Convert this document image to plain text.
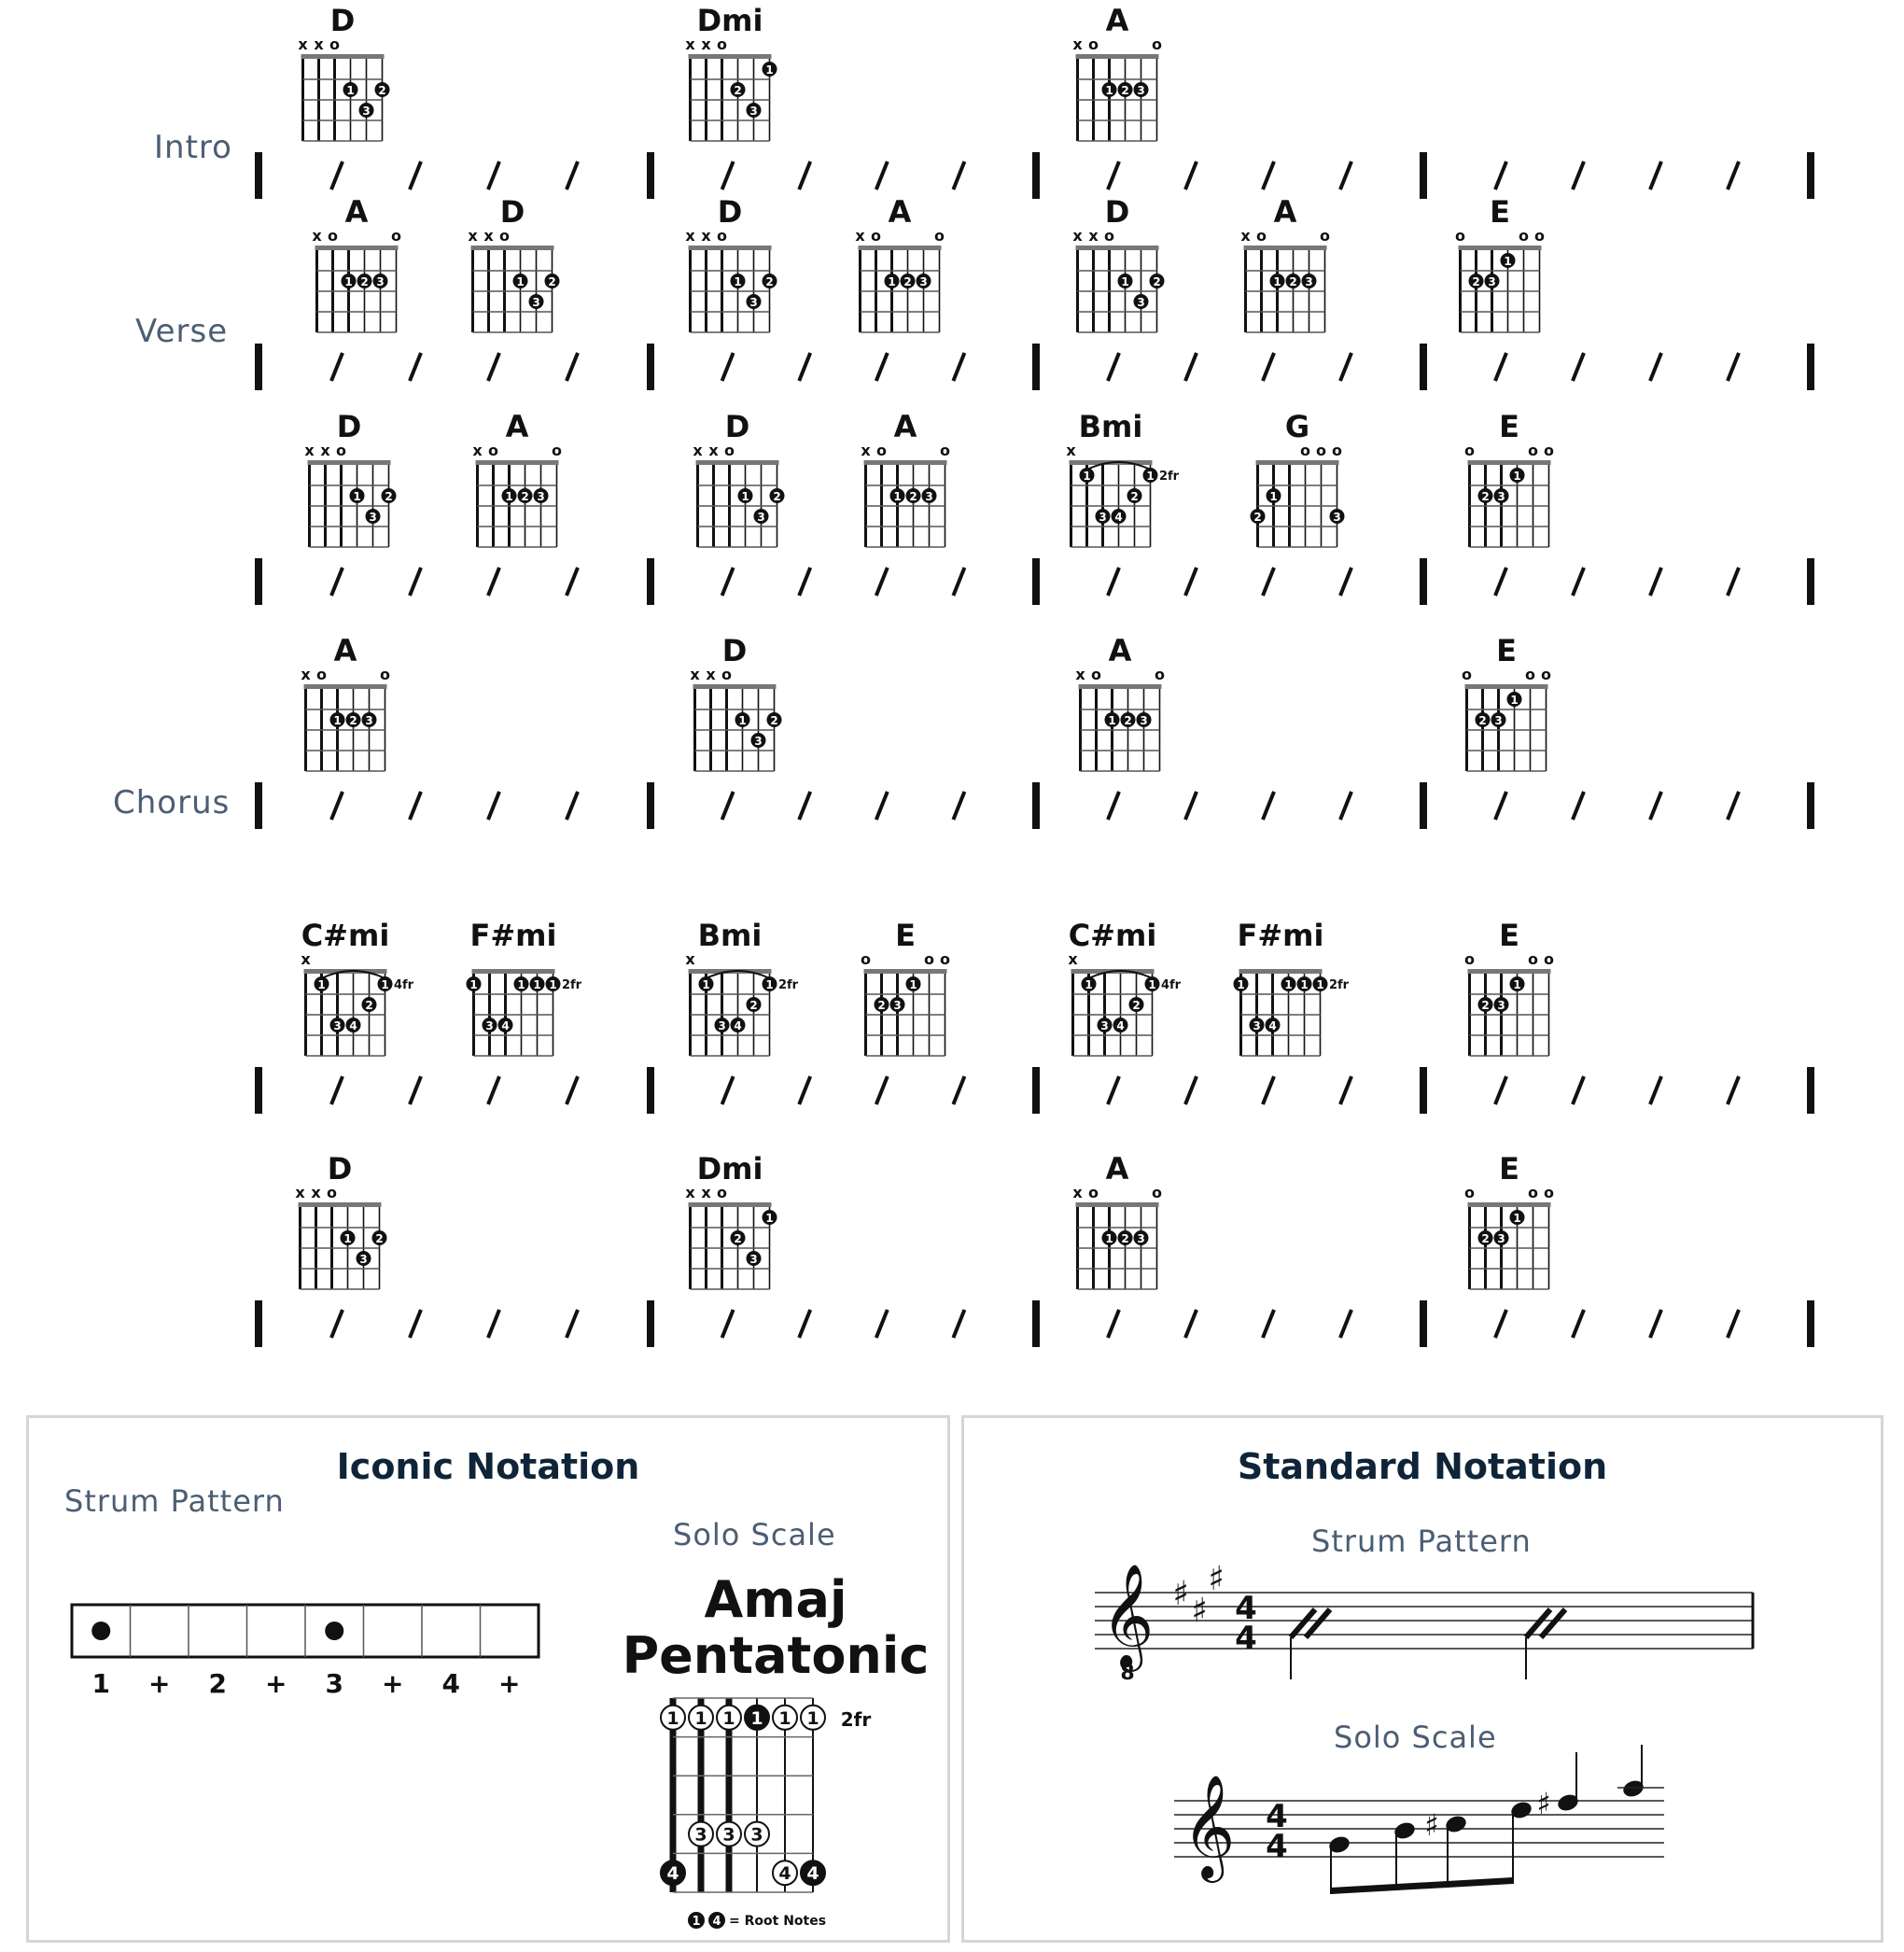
D
x x o
1
3
2
Dmi
x x o
2
3
1
A
x o	o
1 2 3
A
x o	o
1 2 3
D
x x o
1
3
2
D
x x o
1
3
2
A
x o	o
1 2 3
D
x x o
1
3
2
A
x o	o
1 2 3
E
o	o o
2 3
1
D
x x o
1
3
2
A
x o	o
1 2 3
D
x x o
1
3
2
A
x o	o
1 2 3
Bmi
x
1
3 4
2
1 2fr
G
o o o
2
1
3
E
o	o o
2 3
1
A
x o	o
1 2 3
D
x x o
1
3
2
A
x o	o
1 2 3
E
o	o o
2 3
1
C#mi
x
1
3 4
2
1 4fr
F#mi
1
3 4
1 1 1 2fr
Bmi
x
1
3 4
2
1 2fr
E
o	o o
2 3
1
C#mi
x
1
3 4
2
1 4fr
F#mi
1
3 4
1 1 1 2fr
E
o	o o
2 3
1
D
x x o
1
3
2
Dmi
x x o
2
3
1
A
x o	o
1 2 3
E
o	o o
2 3
1
Intro
Verse
Chorus
Iconic Notation
Strum Pattern
Solo Scale
Amaj
Pentatonic
1 + 2 + 3 + 4 +
2fr
1 1 1 1 1 1
3 3 3
4	4 4
1 4 = Root Notes
Standard Notation
Strum Pattern
Solo Scale
𝄞
8
♯ ♯
♯
4
4
𝄞 4
4
♯
♯
